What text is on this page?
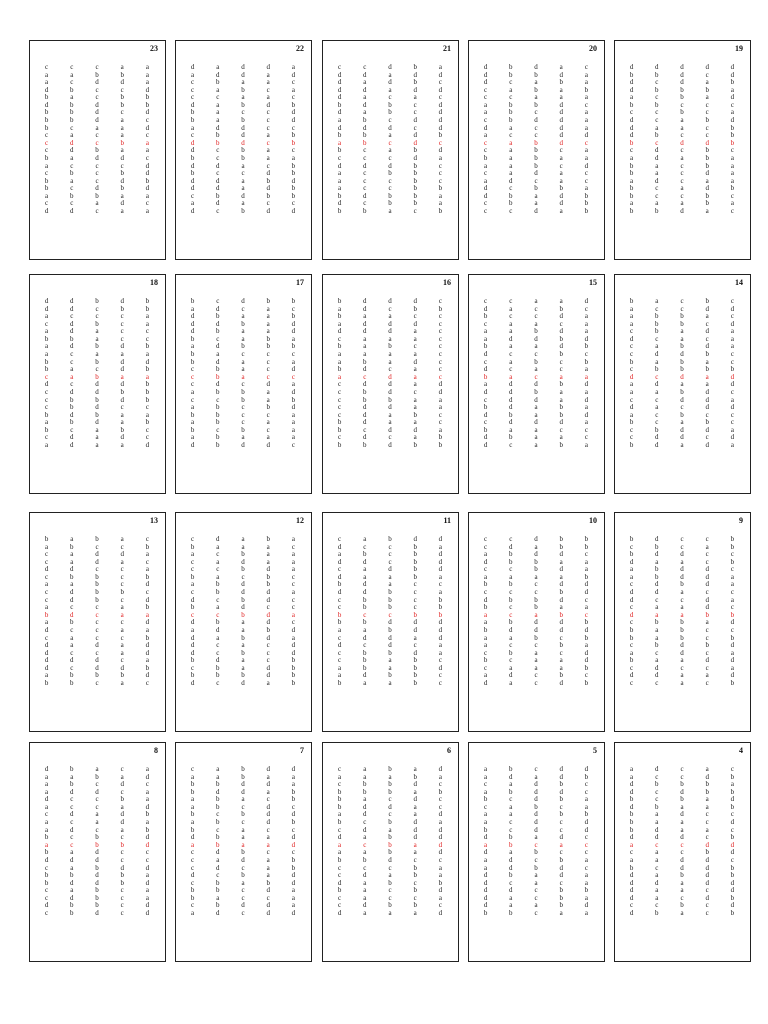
23
c	c	c	a	a
a	a	b	b	a
a	c	d	d	a
d	b	c	c	d
b	a	c	b	b
d	b	d	b	b
b	b	d	c	d
b	b	d	a	c
b	c	a	a	d
c	a	c	a	c
c	d	c	b	a
c	d	b	a	a
b	a	d	d	c
a	c	c	c	d
c	b	c	b	d
b	a	c	d	b
b	c	d	b	d
a	b	b	a	a
c	c	a	d	c
d	d	c	a	a
22
d	a	d	d	a
a	d	d	a	d
c	b	a	a	c
c	a	b	c	a
c	c	a	a	c
d	a	b	d	b
b	a	c	c	d
b	a	b	c	d
a	d	d	c	c
c	b	d	a	b
d	b	d	c	b
d	c	b	a	c
b	c	b	a	a
d	d	a	c	b
b	c	c	d	b
d	d	a	b	d
d	d	a	d	b
c	b	d	b	b
a	d	a	c	c
d	c	b	d	d
21
c	c	d	b	a
d	d	a	d	d
d	a	d	b	c
d	d	a	d	d
d	a	c	a	c
b	d	b	c	d
d	a	b	c	d
a	b	c	d	d
d	d	d	c	d
b	b	a	d	b
a	b	c	d	c
b	c	a	b	d
c	c	c	d	a
d	d	d	b	c
a	c	b	b	c
a	c	c	b	c
a	c	c	b	b
b	d	b	b	a
d	c	b	b	a
b	b	a	c	b
20
d	b	d	a	c
d	b	b	d	a
d	c	a	b	a
c	a	b	a	b
c	c	a	a	a
a	b	b	d	c
a	b	c	d	a
c	b	d	d	a
d	a	c	d	a
a	c	c	d	d
c	a	b	d	c
c	a	b	c	a
b	a	b	a	a
a	a	b	c	d
c	a	d	a	c
a	d	c	a	c
d	c	b	b	a
d	b	a	d	b
c	b	a	d	b
c	c	d	a	b
19
d	d	d	d	d
b	b	d	c	d
d	c	d	a	b
d	b	b	b	a
a	c	b	a	d
b	b	c	c	c
c	c	b	c	a
d	c	a	b	d
d	a	a	c	b
d	b	c	c	b
b	c	d	d	b
c	d	c	b	c
a	d	a	b	a
b	a	c	b	a
b	a	c	d	a
a	d	c	a	a
b	c	a	d	b
b	c	c	b	c
a	a	a	b	a
b	b	d	a	c
18
d	d	b	d	b
d	d	c	b	b
a	c	c	c	a
c	d	b	c	a
a	d	a	c	c
b	b	a	c	c
a	d	b	d	b
a	c	a	a	a
b	c	b	d	d
b	a	c	d	b
c	a	b	a	a
d	c	d	d	b
c	d	d	b	b
c	b	b	d	b
c	b	d	c	c
b	d	b	a	a
a	b	d	a	b
b	c	a	b	c
c	d	a	d	c
a	d	a	a	d
17
b	c	d	b	b
a	d	c	a	c
d	b	a	a	b
d	d	b	a	d
d	b	a	a	d
b	c	a	b	a
a	d	b	b	b
b	a	c	c	c
b	d	a	c	a
c	b	a	c	d
c	b	a	c	c
c	d	c	d	a
a	b	b	a	d
c	c	b	a	b
a	b	c	b	d
b	b	c	c	a
a	b	c	a	a
b	c	b	c	a
a	b	a	a	a
d	b	d	d	c
16
b	d	d	d	c
a	d	c	b	b
b	a	a	c	c
a	d	d	d	c
d	d	d	a	c
c	a	a	a	c
b	a	b	c	c
a	a	a	a	c
a	b	a	d	c
b	d	c	a	c
a	c	d	a	c
c	d	d	a	d
c	b	d	c	d
c	b	b	a	a
c	d	d	a	a
c	d	a	b	c
b	d	a	a	c
b	c	d	d	a
c	d	c	a	b
b	b	d	b	b
15
c	c	a	a	d
d	a	c	b	c
b	c	c	d	a
c	a	a	c	a
a	a	b	d	a
a	d	d	b	d
b	a	a	d	b
d	c	c	b	c
c	a	b	c	b
d	c	a	c	a
b	a	c	a	a
a	d	d	b	d
d	d	b	a	a
c	d	d	a	d
b	d	a	b	a
d	b	a	b	d
c	d	d	d	a
b	a	a	c	c
d	b	a	a	c
d	c	a	b	a
14
b	a	c	b	c
a	c	c	d	d
a	b	b	a	c
a	b	b	c	d
c	b	a	d	a
d	c	a	c	a
c	a	b	d	a
c	d	d	b	c
b	a	b	a	c
c	b	b	b	b
d	c	d	a	d
a	d	a	a	d
a	a	b	d	c
c	c	d	d	a
d	a	c	d	d
a	c	b	c	c
b	c	a	b	c
c	b	d	d	a
c	d	d	c	d
b	d	a	d	a
13
b	a	b	a	c
a	b	c	c	b
c	a	d	d	a
c	a	d	a	c
d	d	c	c	a
c	b	b	c	b
a	a	b	c	d
c	d	b	b	c
c	d	b	c	d
a	c	c	a	b
b	d	c	a	a
a	b	c	c	d
d	c	c	a	a
c	a	c	c	b
d	a	d	a	d
d	c	c	a	d
d	d	d	c	a
d	c	d	d	b
a	b	b	b	d
b	b	c	a	c
12
c	d	a	b	a
b	a	a	a	c
a	c	b	a	a
c	a	d	a	a
c	c	b	d	a
b	a	c	b	c
a	b	d	b	c
c	b	d	d	a
d	c	b	d	c
b	a	d	c	c
c	c	b	d	a
d	b	a	d	c
a	d	a	b	d
d	a	b	d	a
d	c	a	c	d
d	c	b	c	d
b	d	a	c	b
c	b	a	d	b
b	b	b	d	b
d	c	d	a	b
11
c	a	b	d	d
d	c	c	b	a
a	b	c	b	d
d	d	c	b	d
c	a	d	b	d
d	a	a	b	a
b	d	a	c	c
d	d	b	c	a
c	b	b	c	b
c	b	b	c	b
b	c	c	b	b
b	b	d	d	d
a	a	b	d	d
c	d	d	a	d
d	c	d	c	a
c	b	b	d	a
c	b	a	b	c
a	b	a	b	d
a	d	b	b	c
b	a	a	b	c
10
c	c	d	b	b
c	d	a	b	b
a	b	d	d	c
d	b	b	a	a
c	c	b	d	a
a	a	a	a	b
b	b	c	d	d
c	c	c	b	d
d	b	b	d	c
b	c	b	a	a
a	c	a	b	c
a	b	d	d	b
b	d	d	d	d
a	a	b	c	b
a	c	c	b	a
c	b	a	c	d
b	c	a	a	d
c	a	a	a	b
a	d	c	b	c
d	a	c	d	b
9
b	d	c	c	b
c	b	c	a	b
b	d	d	c	c
d	a	a	c	b
a	b	d	d	c
a	b	d	d	a
c	d	b	d	a
d	d	a	c	c
d	c	c	d	a
c	a	a	d	c
d	a	a	b	b
c	b	b	a	d
b	a	b	c	c
b	a	b	c	b
c	b	d	b	d
a	c	d	c	a
b	a	a	d	d
c	d	c	c	a
d	d	a	a	d
c	c	a	c	b
8
d	b	a	c	a
a	a	b	a	d
a	b	c	d	c
a	d	d	c	a
d	c	c	b	a
a	c	c	a	d
c	d	a	d	b
a	c	a	d	a
a	d	c	a	b
b	c	b	c	d
a	c	b	b	d
b	a	d	c	c
d	d	d	c	c
c	a	b	d	d
b	b	d	b	a
b	d	d	b	d
c	a	b	c	a
c	d	b	c	a
d	b	b	c	d
c	b	d	c	d
7
c	a	b	d	d
a	a	b	a	a
b	b	d	d	a
b	d	d	a	b
a	b	a	c	b
a	b	c	d	c
b	c	b	d	d
a	b	c	d	b
b	c	a	c	c
d	b	a	a	d
a	b	a	a	d
c	d	b	c	c
c	a	d	a	b
c	d	c	a	b
d	c	b	a	d
c	b	a	b	d
b	b	c	d	a
b	a	c	c	a
c	b	d	d	a
a	d	c	d	d
6
c	a	b	a	d
a	a	a	b	a
c	b	b	d	c
b	b	b	a	b
b	a	c	d	c
b	d	d	a	c
a	d	c	a	d
b	c	b	d	a
c	d	a	d	d
d	a	b	d	d
a	c	b	a	d
a	a	b	a	d
b	b	d	c	c
c	c	c	b	a
c	d	a	b	a
d	a	b	c	b
b	a	c	b	d
c	a	c	c	a
c	d	b	b	c
d	a	a	a	d
5
a	b	c	d	d
a	d	a	d	b
c	a	d	b	c
a	b	d	d	c
b	c	d	b	a
c	a	b	c	a
a	a	d	b	b
a	c	d	c	d
b	c	d	c	d
d	b	a	d	c
a	b	c	a	c
d	a	b	c	c
a	d	c	b	a
a	d	b	d	c
d	b	a	d	a
d	c	a	c	a
d	d	c	b	b
d	a	c	b	a
d	a	a	b	d
b	b	c	a	a
4
a	d	c	a	c
a	c	c	d	b
d	b	b	b	a
d	c	d	b	b
b	c	b	a	d
d	b	a	a	b
b	a	d	c	c
b	a	a	c	d
b	d	a	a	c
d	d	d	c	b
a	c	c	d	d
c	a	c	b	d
a	a	d	d	c
b	c	d	d	b
d	a	b	d	b
d	d	a	d	d
d	a	a	c	d
d	a	c	d	b
c	c	b	c	d
d	b	a	c	b
